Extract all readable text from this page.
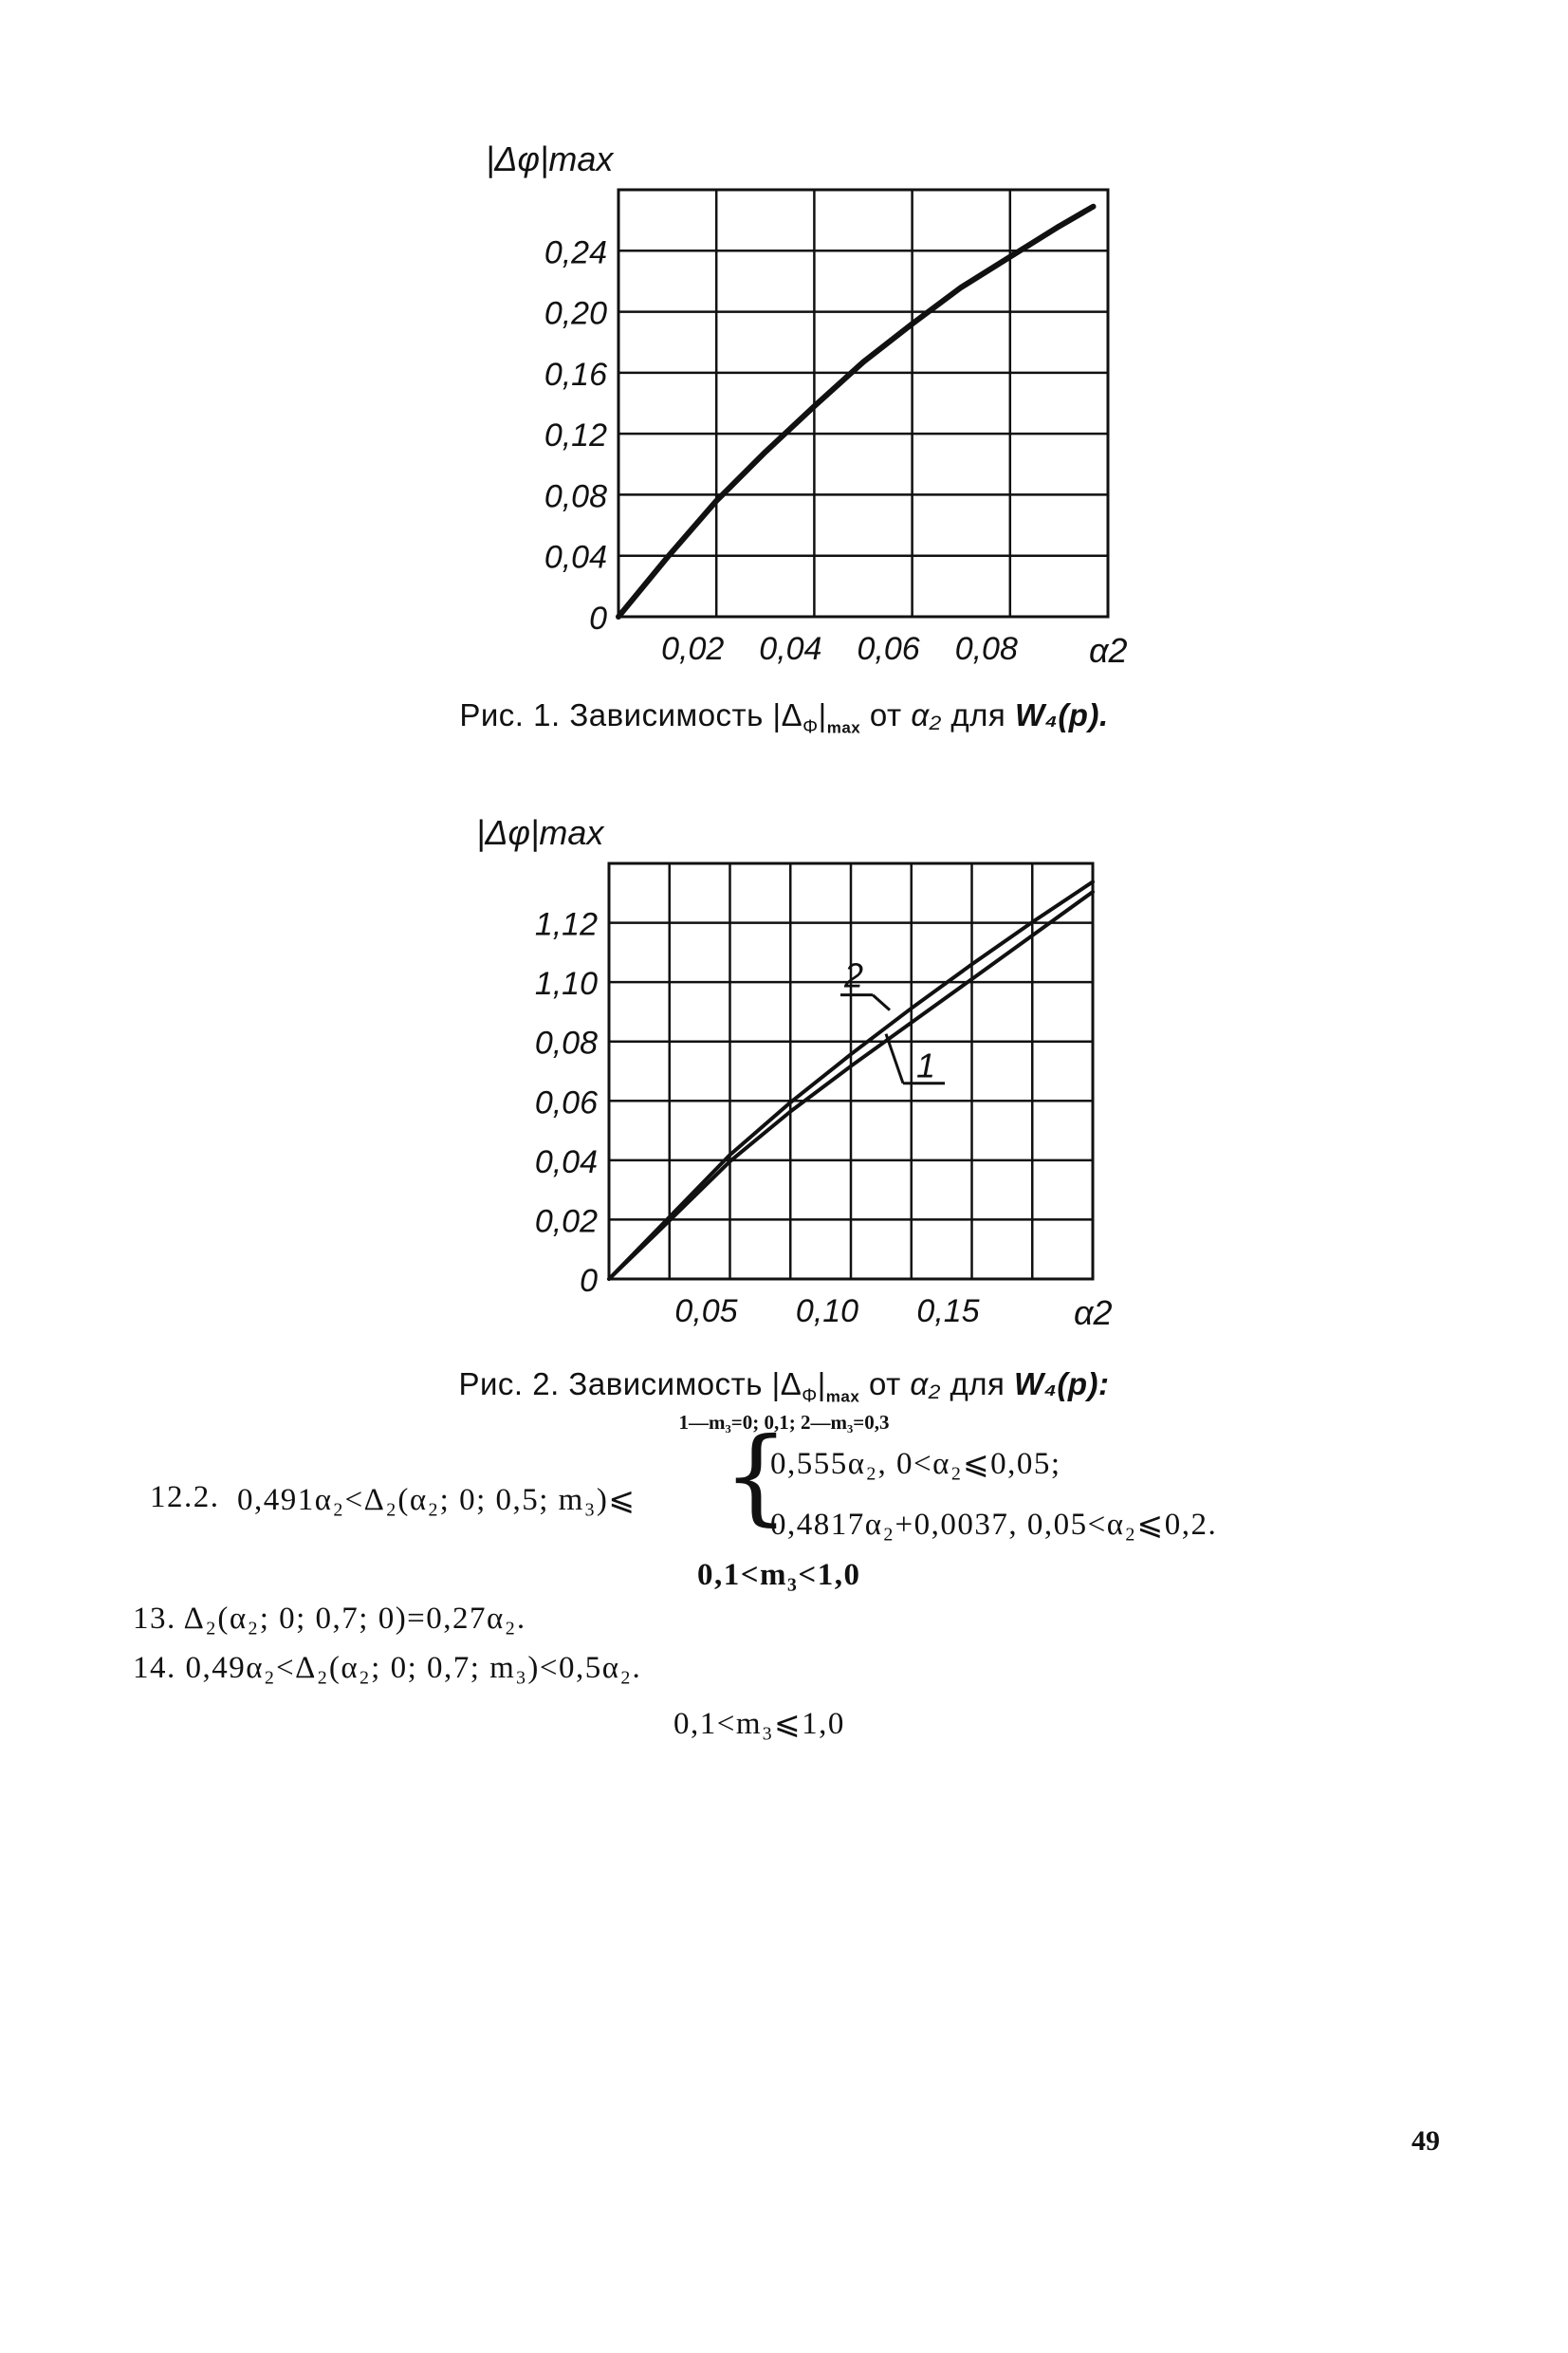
0
0,04
0,08
0,12
0,16
0,20
0,24
0,02 0,04 0,06 0,08
|Δφ|max
α2
Рис. 1. Зависимость $|\Delta_\Phi|_{max}$ от α₂ для W₄(p).
0
0,02
0,04
0,06
0,08
1,10
1,12
0,05 0,10 0,15
|Δφ|max
α2
2
1
Рис. 2. Зависимость $|\Delta_\Phi|_{max}$ от α₂ для W₄(p):
1—m₃=0; 0,1; 2—m₃=0,3
12.2. 0,491α₂<Δ₂(α₂; 0; 0,5; m₃)⩽ {
0,555α₂, 0<α₂⩽0,05;
0,4817α₂+0,0037, 0,05<α₂⩽0,2.
0,1<m₃<1,0
13. Δ₂(α₂; 0; 0,7; 0)=0,27α₂.
14. 0,49α₂<Δ₂(α₂; 0; 0,7; m₃)<0,5α₂.
0,1<m₃⩽1,0
49
